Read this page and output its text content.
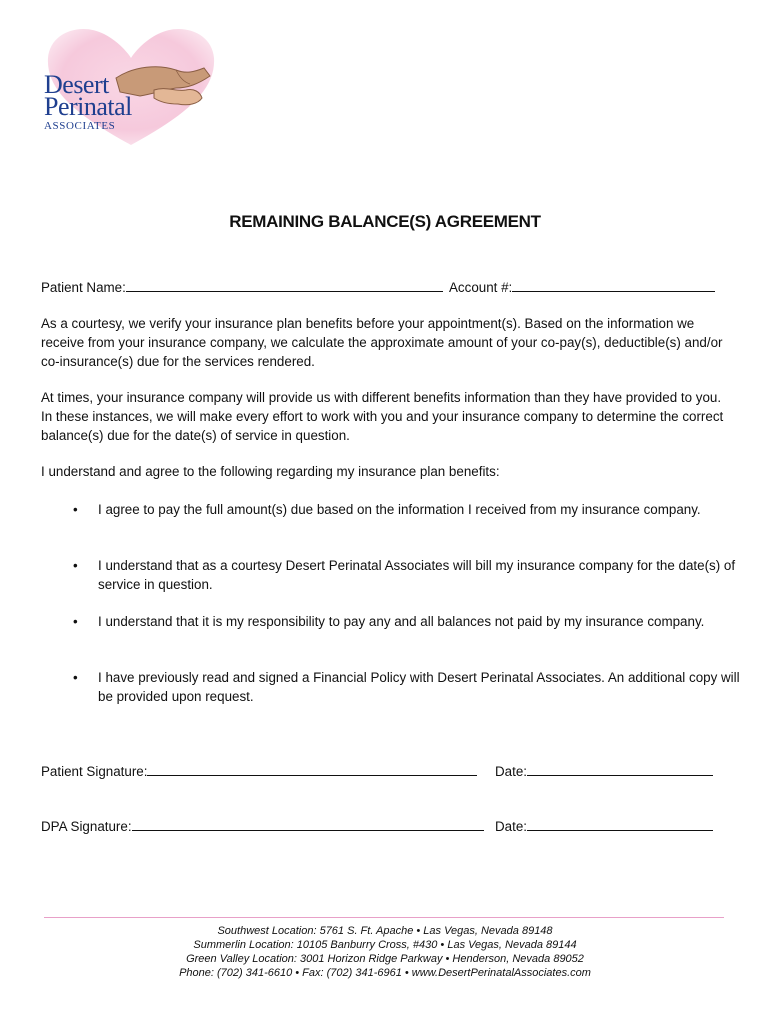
Desert
Perinatal
ASSOCIATES
REMAINING BALANCE(S) AGREEMENT
Patient Name:	Account #:
As a courtesy, we verify your insurance plan benefits before your appointment(s). Based on the information we receive from your insurance company, we calculate the approximate amount of your co-pay(s), deductible(s) and/or co-insurance(s) due for the services rendered.
At times, your insurance company will provide us with different benefits information than they have provided to you. In these instances, we will make every effort to work with you and your insurance company to determine the correct balance(s) due for the date(s) of service in question.
I understand and agree to the following regarding my insurance plan benefits:
• I agree to pay the full amount(s) due based on the information I received from my insurance company.
• I understand that as a courtesy Desert Perinatal Associates will bill my insurance company for the date(s) of service in question.
• I understand that it is my responsibility to pay any and all balances not paid by my insurance company.
• I have previously read and signed a Financial Policy with Desert Perinatal Associates. An additional copy will be provided upon request.
Patient Signature:	Date:
DPA Signature:	Date:
Southwest Location: 5761 S. Ft. Apache • Las Vegas, Nevada 89148
Summerlin Location: 10105 Banburry Cross, #430 • Las Vegas, Nevada 89144
Green Valley Location: 3001 Horizon Ridge Parkway • Henderson, Nevada 89052
Phone: (702) 341-6610 • Fax: (702) 341-6961 • www.DesertPerinatalAssociates.com
